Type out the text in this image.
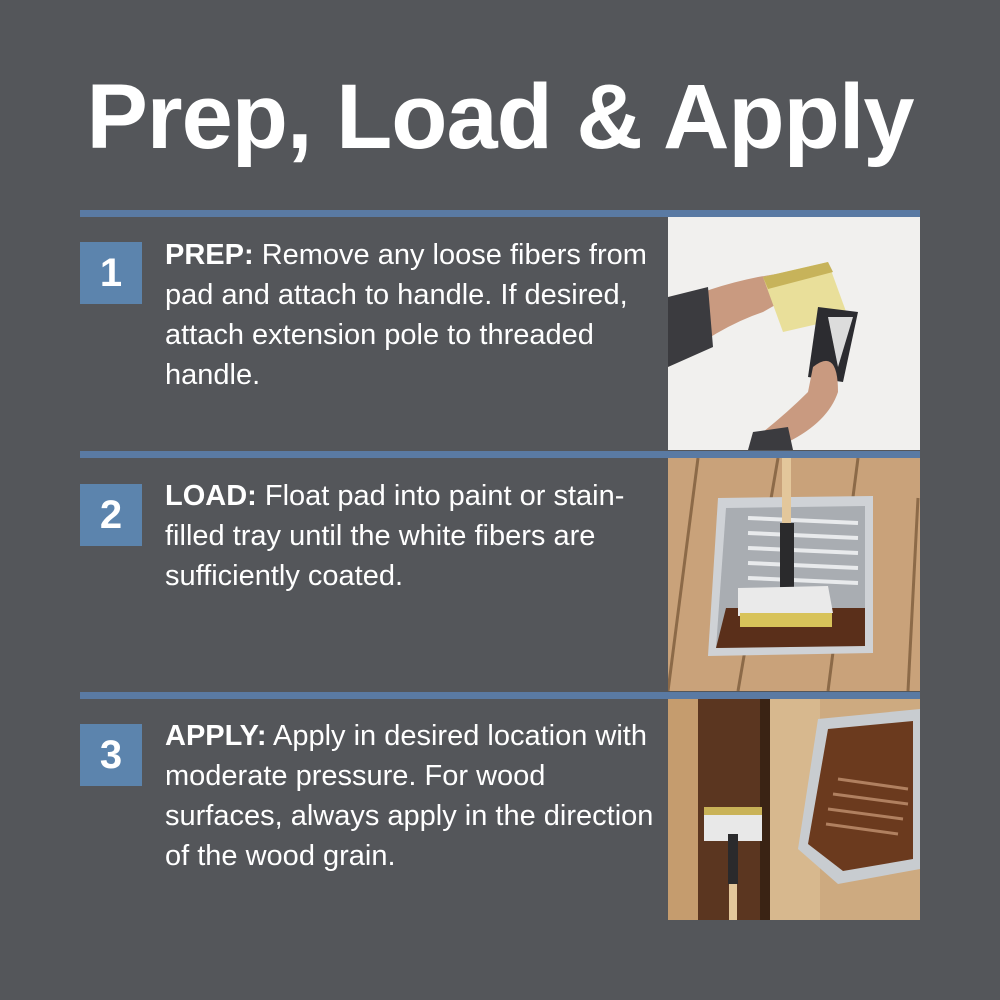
Prep, Load & Apply
1	PREP: Remove any loose fibers from pad and attach to handle. If desired, attach extension pole to threaded handle.

2	LOAD: Float pad into paint or stain-filled tray until the white fibers are sufficiently coated.

3	APPLY: Apply in desired location with moderate pressure. For wood surfaces, always apply in the direction of the wood grain.
